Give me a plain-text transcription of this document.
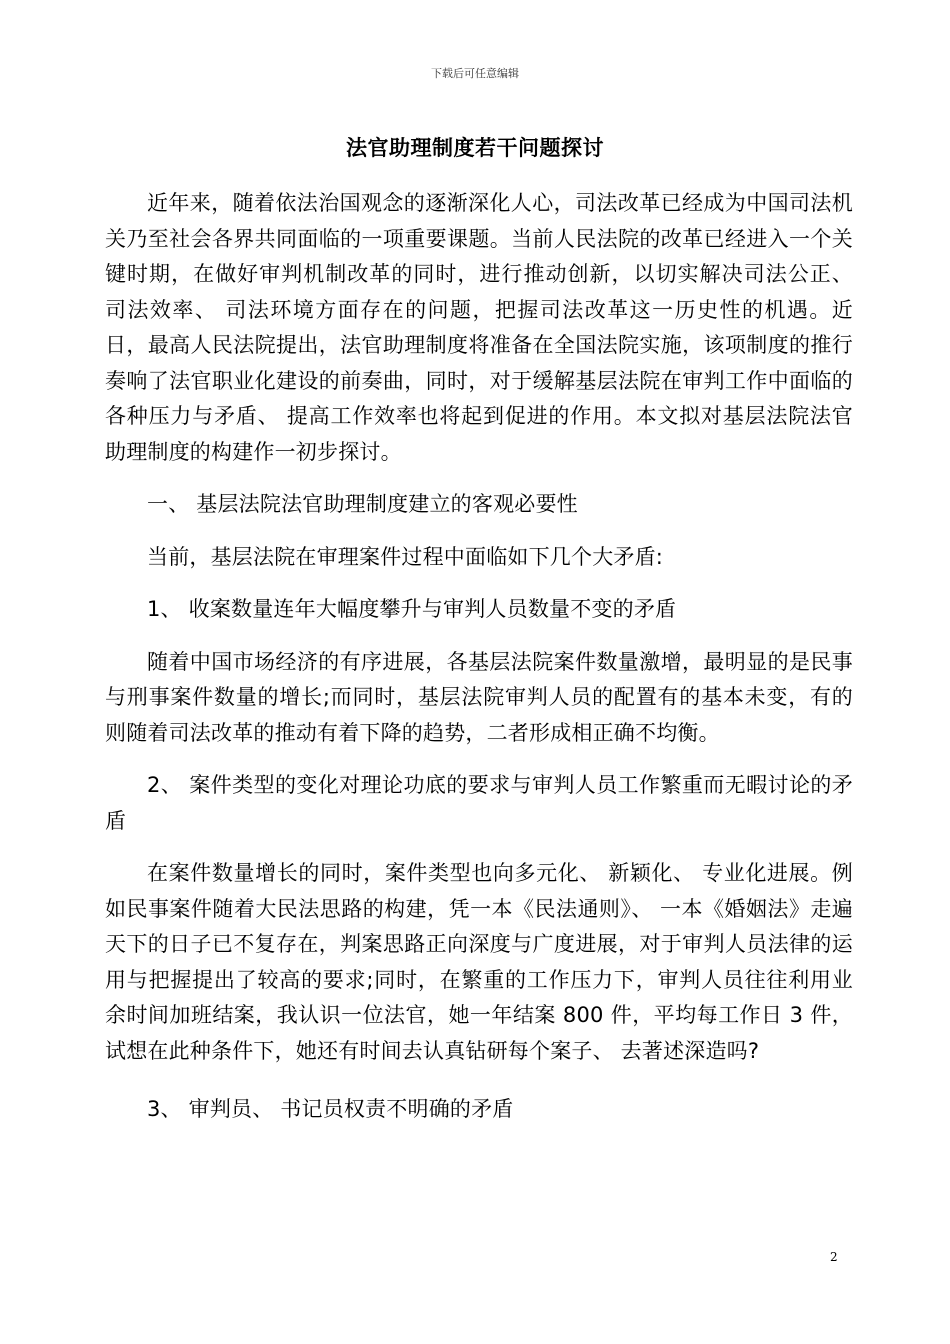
下载后可任意编辑
法官助理制度若干问题探讨

近年来，随着依法治国观念的逐渐深化人心，司法改革已经成为中国司法机关乃至社会各界共同面临的一项重要课题。当前人民法院的改革已经进入一个关键时期，在做好审判机制改革的同时，进行推动创新，以切实解决司法公正、 司法效率、 司法环境方面存在的问题，把握司法改革这一历史性的机遇。近日，最高人民法院提出，法官助理制度将准备在全国法院实施，该项制度的推行奏响了法官职业化建设的前奏曲，同时，对于缓解基层法院在审判工作中面临的各种压力与矛盾、 提高工作效率也将起到促进的作用。本文拟对基层法院法官助理制度的构建作一初步探讨。

一、 基层法院法官助理制度建立的客观必要性

当前，基层法院在审理案件过程中面临如下几个大矛盾:

1、 收案数量连年大幅度攀升与审判人员数量不变的矛盾

随着中国市场经济的有序进展，各基层法院案件数量激增，最明显的是民事与刑事案件数量的增长;而同时，基层法院审判人员的配置有的基本未变，有的则随着司法改革的推动有着下降的趋势，二者形成相正确不均衡。

2、 案件类型的变化对理论功底的要求与审判人员工作繁重而无暇讨论的矛盾

在案件数量增长的同时，案件类型也向多元化、 新颖化、 专业化进展。例如民事案件随着大民法思路的构建，凭一本《民法通则》、 一本《婚姻法》走遍天下的日子已不复存在，判案思路正向深度与广度进展，对于审判人员法律的运用与把握提出了较高的要求;同时，在繁重的工作压力下，审判人员往往利用业余时间加班结案，我认识一位法官，她一年结案 800 件，平均每工作日 3 件，试想在此种条件下，她还有时间去认真钻研每个案子、 去著述深造吗?

3、 审判员、 书记员权责不明确的矛盾

2
